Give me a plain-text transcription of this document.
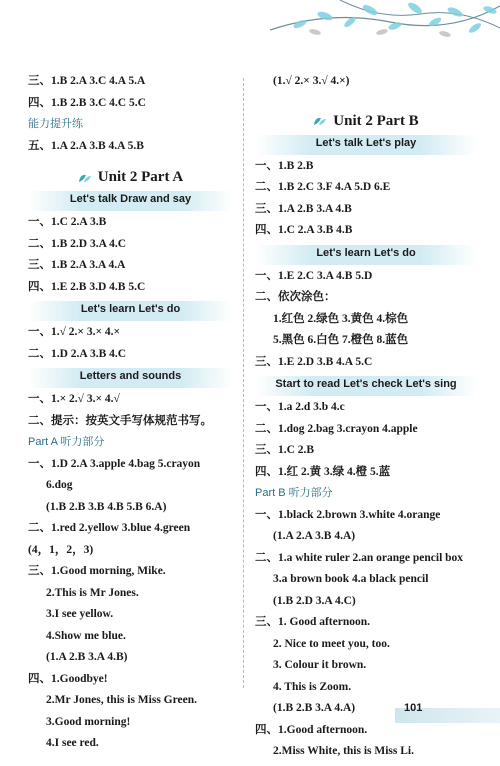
三、1.B 2.A 3.C 4.A 5.A
四、1.B 2.B 3.C 4.C 5.C
能力提升练
五、1.A 2.A 3.B 4.A 5.B
Unit 2 Part A
Let's talk Draw and say
一、1.C 2.A 3.B
二、1.B 2.D 3.A 4.C
三、1.B 2.A 3.A 4.A
四、1.E 2.B 3.D 4.B 5.C
Let's learn Let's do
一、1.√ 2.× 3.× 4.×
二、1.D 2.A 3.B 4.C
Letters and sounds
一、1.× 2.√ 3.× 4.√
二、提示：按英文手写体规范书写。
Part A 听力部分
一、1.D 2.A 3.apple 4.bag 5.crayon
6.dog
(1.B 2.B 3.B 4.B 5.B 6.A)
二、1.red 2.yellow 3.blue 4.green
(4，1，2，3)
三、1.Good morning, Mike.
2.This is Mr Jones.
3.I see yellow.
4.Show me blue.
(1.A 2.B 3.A 4.B)
四、1.Goodbye!
2.Mr Jones, this is Miss Green.
3.Good morning!
4.I see red.
(1.√ 2.× 3.√ 4.×)
Unit 2 Part B
Let's talk Let's play
一、1.B 2.B
二、1.B 2.C 3.F 4.A 5.D 6.E
三、1.A 2.B 3.A 4.B
四、1.C 2.A 3.B 4.B
Let's learn Let's do
一、1.E 2.C 3.A 4.B 5.D
二、依次涂色：
1.红色 2.绿色 3.黄色 4.棕色
5.黑色 6.白色 7.橙色 8.蓝色
三、1.E 2.D 3.B 4.A 5.C
Start to read Let's check Let's sing
一、1.a 2.d 3.b 4.c
二、1.dog 2.bag 3.crayon 4.apple
三、1.C 2.B
四、1.红 2.黄 3.绿 4.橙 5.蓝
Part B 听力部分
一、1.black 2.brown 3.white 4.orange
(1.A 2.A 3.B 4.A)
二、1.a white ruler 2.an orange pencil box
3.a brown book 4.a black pencil
(1.B 2.D 3.A 4.C)
三、1. Good afternoon.
2. Nice to meet you, too.
3. Colour it brown.
4. This is Zoom.
(1.B 2.B 3.A 4.A)
四、1.Good afternoon.
2.Miss White, this is Miss Li.
101
